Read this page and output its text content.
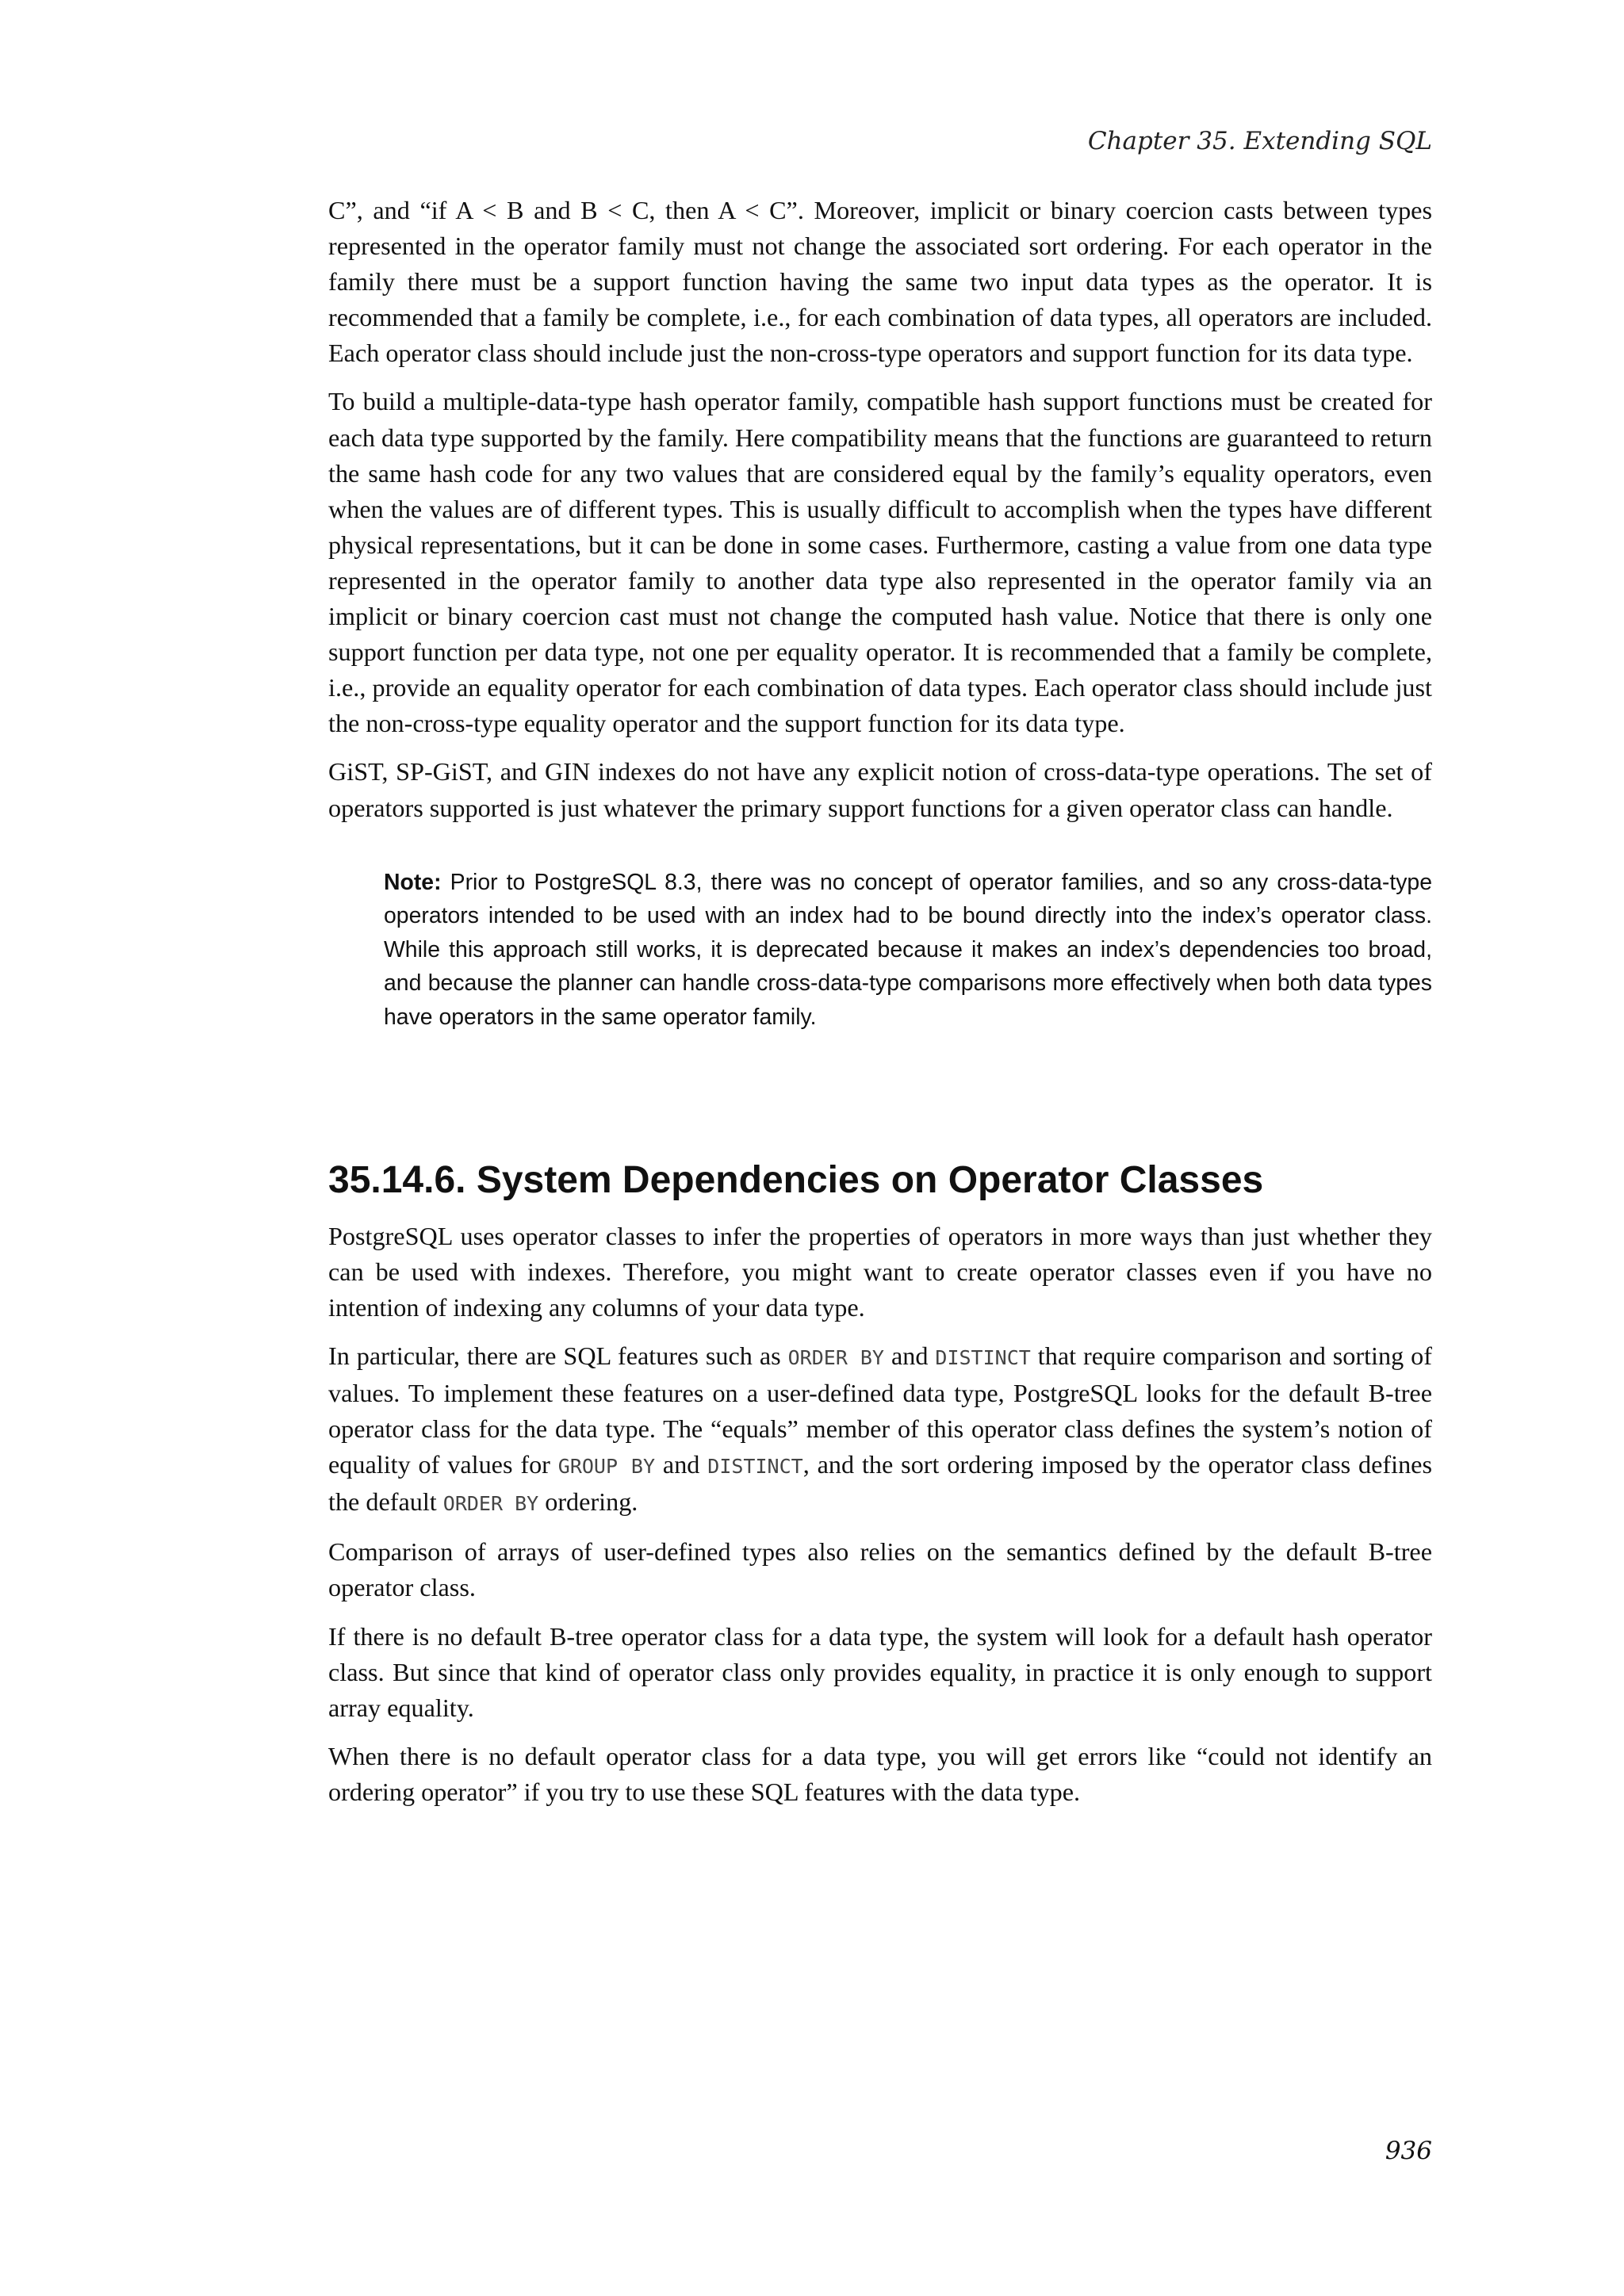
Chapter 35. Extending SQL

C”, and “if A < B and B < C, then A < C”. Moreover, implicit or binary coercion casts between types represented in the operator family must not change the associated sort ordering. For each operator in the family there must be a support function having the same two input data types as the operator. It is recommended that a family be complete, i.e., for each combination of data types, all operators are included. Each operator class should include just the non-cross-type operators and support function for its data type.

To build a multiple-data-type hash operator family, compatible hash support functions must be created for each data type supported by the family. Here compatibility means that the functions are guaranteed to return the same hash code for any two values that are considered equal by the family’s equality operators, even when the values are of different types. This is usually difficult to accomplish when the types have different physical representations, but it can be done in some cases. Furthermore, casting a value from one data type represented in the operator family to another data type also represented in the operator family via an implicit or binary coercion cast must not change the computed hash value. Notice that there is only one support function per data type, not one per equality operator. It is recommended that a family be complete, i.e., provide an equality operator for each combination of data types. Each operator class should include just the non-cross-type equality operator and the support function for its data type.

GiST, SP-GiST, and GIN indexes do not have any explicit notion of cross-data-type operations. The set of operators supported is just whatever the primary support functions for a given operator class can handle.

Note: Prior to PostgreSQL 8.3, there was no concept of operator families, and so any cross-data-type operators intended to be used with an index had to be bound directly into the index’s operator class. While this approach still works, it is deprecated because it makes an index’s dependencies too broad, and because the planner can handle cross-data-type comparisons more effectively when both data types have operators in the same operator family.
35.14.6. System Dependencies on Operator Classes

PostgreSQL uses operator classes to infer the properties of operators in more ways than just whether they can be used with indexes. Therefore, you might want to create operator classes even if you have no intention of indexing any columns of your data type.

In particular, there are SQL features such as ORDER BY and DISTINCT that require comparison and sorting of values. To implement these features on a user-defined data type, PostgreSQL looks for the default B-tree operator class for the data type. The “equals” member of this operator class defines the system’s notion of equality of values for GROUP BY and DISTINCT, and the sort ordering imposed by the operator class defines the default ORDER BY ordering.

Comparison of arrays of user-defined types also relies on the semantics defined by the default B-tree operator class.

If there is no default B-tree operator class for a data type, the system will look for a default hash operator class. But since that kind of operator class only provides equality, in practice it is only enough to support array equality.

When there is no default operator class for a data type, you will get errors like “could not identify an ordering operator” if you try to use these SQL features with the data type.

936
